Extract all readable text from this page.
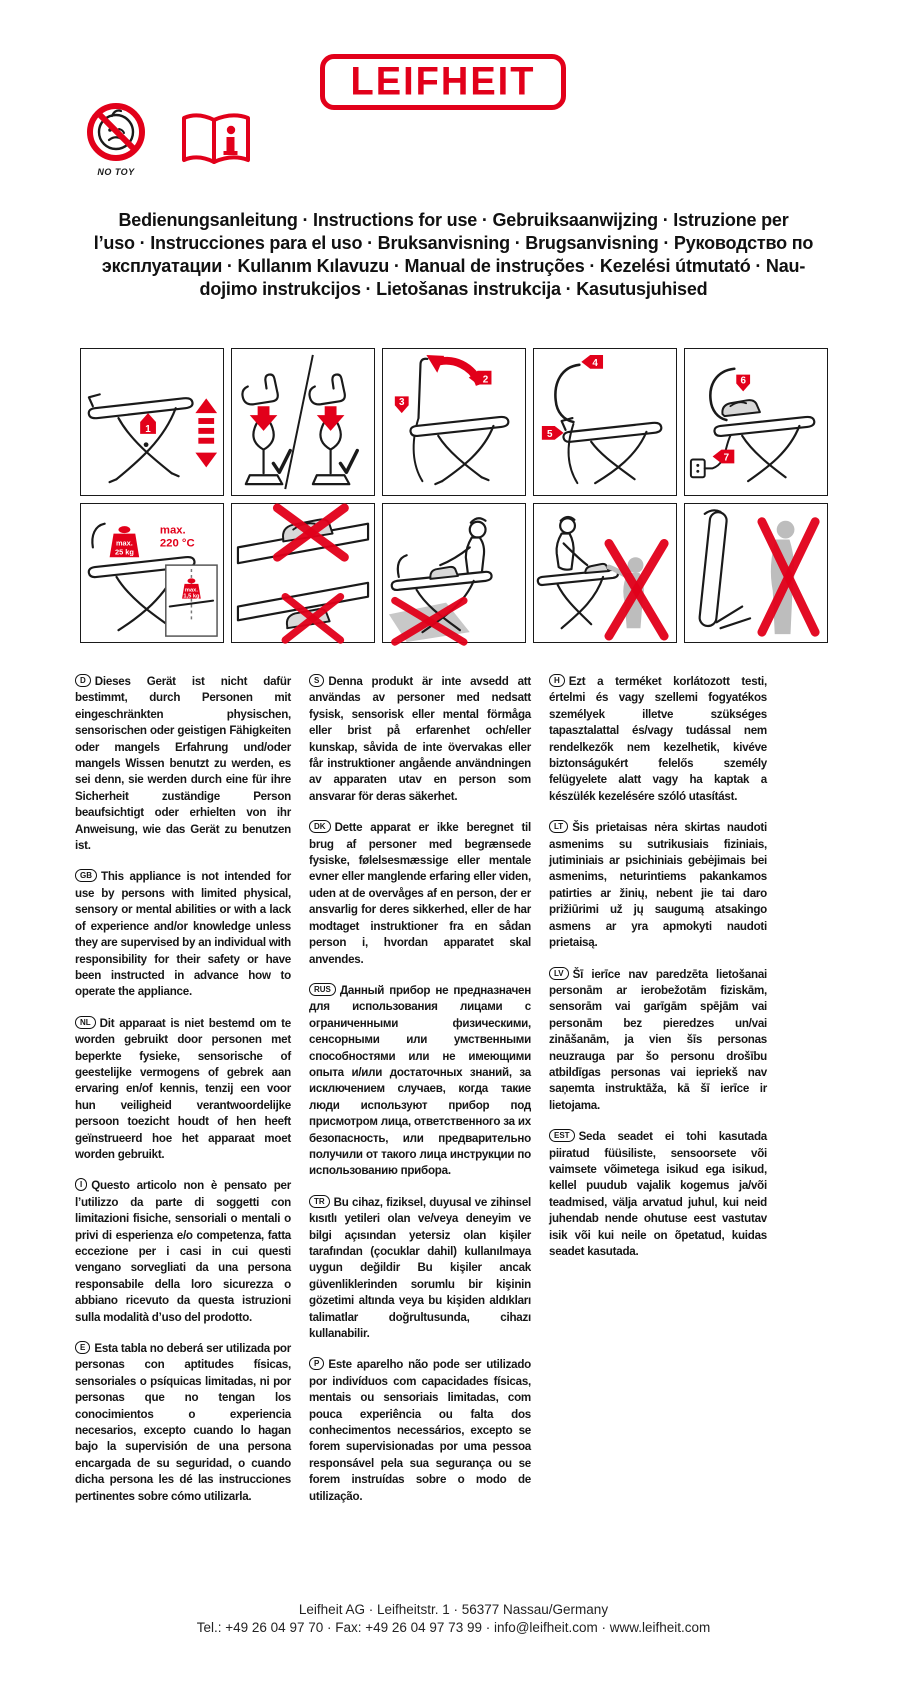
LEIFHEIT
NO TOY
i
Bedienungsanleitung · Instructions for use · Gebruiksaanwijzing · Istruzione per
l’uso · Instrucciones para el uso · Bruksanvisning · Brugsanvisning · Руководство по
эксплуатации · Kullanım Kılavuzu · Manual de instruções · Kezelési útmutató · Nau-
dojimo instrukcijos · Lietošanas instrukcija · Kasutusjuhised
1
2
3
4
5
6
7
max.
25 kg
max.
220 °C
max.
1,5 kg

D Dieses Gerät ist nicht dafür bestimmt, durch Personen mit eingeschränkten physischen, sensorischen oder geistigen Fähigkeiten oder mangels Erfahrung und/oder mangels Wissen benutzt zu werden, es sei denn, sie werden durch eine für ihre Sicherheit zuständige Person beaufsichtigt oder erhielten von ihr Anweisung, wie das Gerät zu benutzen ist.

GB This appliance is not intended for use by persons with limited physical, sensory or mental abilities or with a lack of experience and/or knowledge unless they are supervised by an individual with responsibility for their safety or have been instructed in advance how to operate the appliance.

NL Dit apparaat is niet bestemd om te worden gebruikt door personen met beperkte fysieke, sensorische of geestelijke vermogens of gebrek aan ervaring en/of kennis, tenzij een voor hun veiligheid verantwoordelijke persoon toezicht houdt of hen heeft geïnstrueerd hoe het apparaat moet worden gebruikt.

I Questo articolo non è pensato per l’utilizzo da parte di soggetti con limitazioni fisiche, sensoriali o mentali o privi di esperienza e/o competenza, fatta eccezione per i casi in cui questi vengano sorvegliati da una persona responsabile della loro sicurezza o abbiano ricevuto da questa istruzioni sulla modalità d’uso del prodotto.

E Esta tabla no deberá ser utilizada por personas con aptitudes físicas, sensoriales o psíquicas limitadas, ni por personas que no tengan los conocimientos o experiencia necesarios, excepto cuando lo hagan bajo la supervisión de una persona encargada de su seguridad, o cuando dicha persona les dé las instrucciones pertinentes sobre cómo utilizarla.

S Denna produkt är inte avsedd att användas av personer med nedsatt fysisk, sensorisk eller mental förmåga eller brist på erfarenhet och/eller kunskap, såvida de inte övervakas eller får instruktioner angående användningen av apparaten utav en person som ansvarar för deras säkerhet.

DK Dette apparat er ikke beregnet til brug af personer med begrænsede fysiske, følelsesmæssige eller mentale evner eller manglende erfaring eller viden, uden at de overvåges af en person, der er ansvarlig for deres sikkerhed, eller de har modtaget instruktioner fra en sådan person i, hvordan apparatet skal anvendes.

RUS Данный прибор не предназначен для использования лицами с ограниченными физическими, сенсорными или умственными способностями или не имеющими опыта и/или достаточных знаний, за исключением случаев, когда такие люди используют прибор под присмотром лица, ответственного за их безопасность, или предварительно получили от такого лица инструкции по использованию прибора.

TR Bu cihaz, fiziksel, duyusal ve zihinsel kısıtlı yetileri olan ve/veya deneyim ve bilgi açısından yetersiz olan kişiler tarafından (çocuklar dahil) kullanılmaya uygun değildir Bu kişiler ancak güvenliklerinden sorumlu bir kişinin gözetimi altında veya bu kişiden aldıkları talimatlar doğrultusunda, cihazı kullanabilir.

P Este aparelho não pode ser utilizado por indivíduos com capacidades físicas, mentais ou sensoriais limitadas, com pouca experiência ou falta dos conhecimentos necessários, excepto se forem supervisionadas por uma pessoa responsável pela sua segurança ou se forem instruídas sobre o modo de utilização.

H Ezt a terméket korlátozott testi, értelmi és vagy szellemi fogyatékos személyek illetve szükséges tapasztalattal és/vagy tudással nem rendelkezők nem kezelhetik, kivéve biztonságukért felelős személy felügyelete alatt vagy ha kaptak a készülék kezelésére szóló utasítást.

LT Šis prietaisas nėra skirtas naudoti asmenims su sutrikusiais fiziniais, jutiminiais ar psichiniais gebėjimais bei asmenims, neturintiems pakankamos patirties ar žinių, nebent jie tai daro prižiūrimi už jų saugumą atsakingo asmens ar yra apmokyti naudoti prietaisą.

LV Šī ierīce nav paredzēta lietošanai personām ar ierobežotām fiziskām, sensorām vai garīgām spējām vai personām bez pieredzes un/vai zināšanām, ja vien šīs personas neuzrauga par šo personu drošību atbildīgas personas vai iepriekš nav saņemta instruktāža, kā šī ierīce ir lietojama.

EST Seda seadet ei tohi kasutada piiratud füüsiliste, sensoorsete või vaimsete võimetega isikud ega isikud, kellel puudub vajalik kogemus ja/või teadmised, välja arvatud juhul, kui neid juhendab nende ohutuse eest vastutav isik või kui neile on õpetatud, kuidas seadet kasutada.

Leifheit AG · Leifheitstr. 1 · 56377 Nassau/Germany
Tel.: +49 26 04 97 70 · Fax: +49 26 04 97 73 99 · info@leifheit.com · www.leifheit.com
